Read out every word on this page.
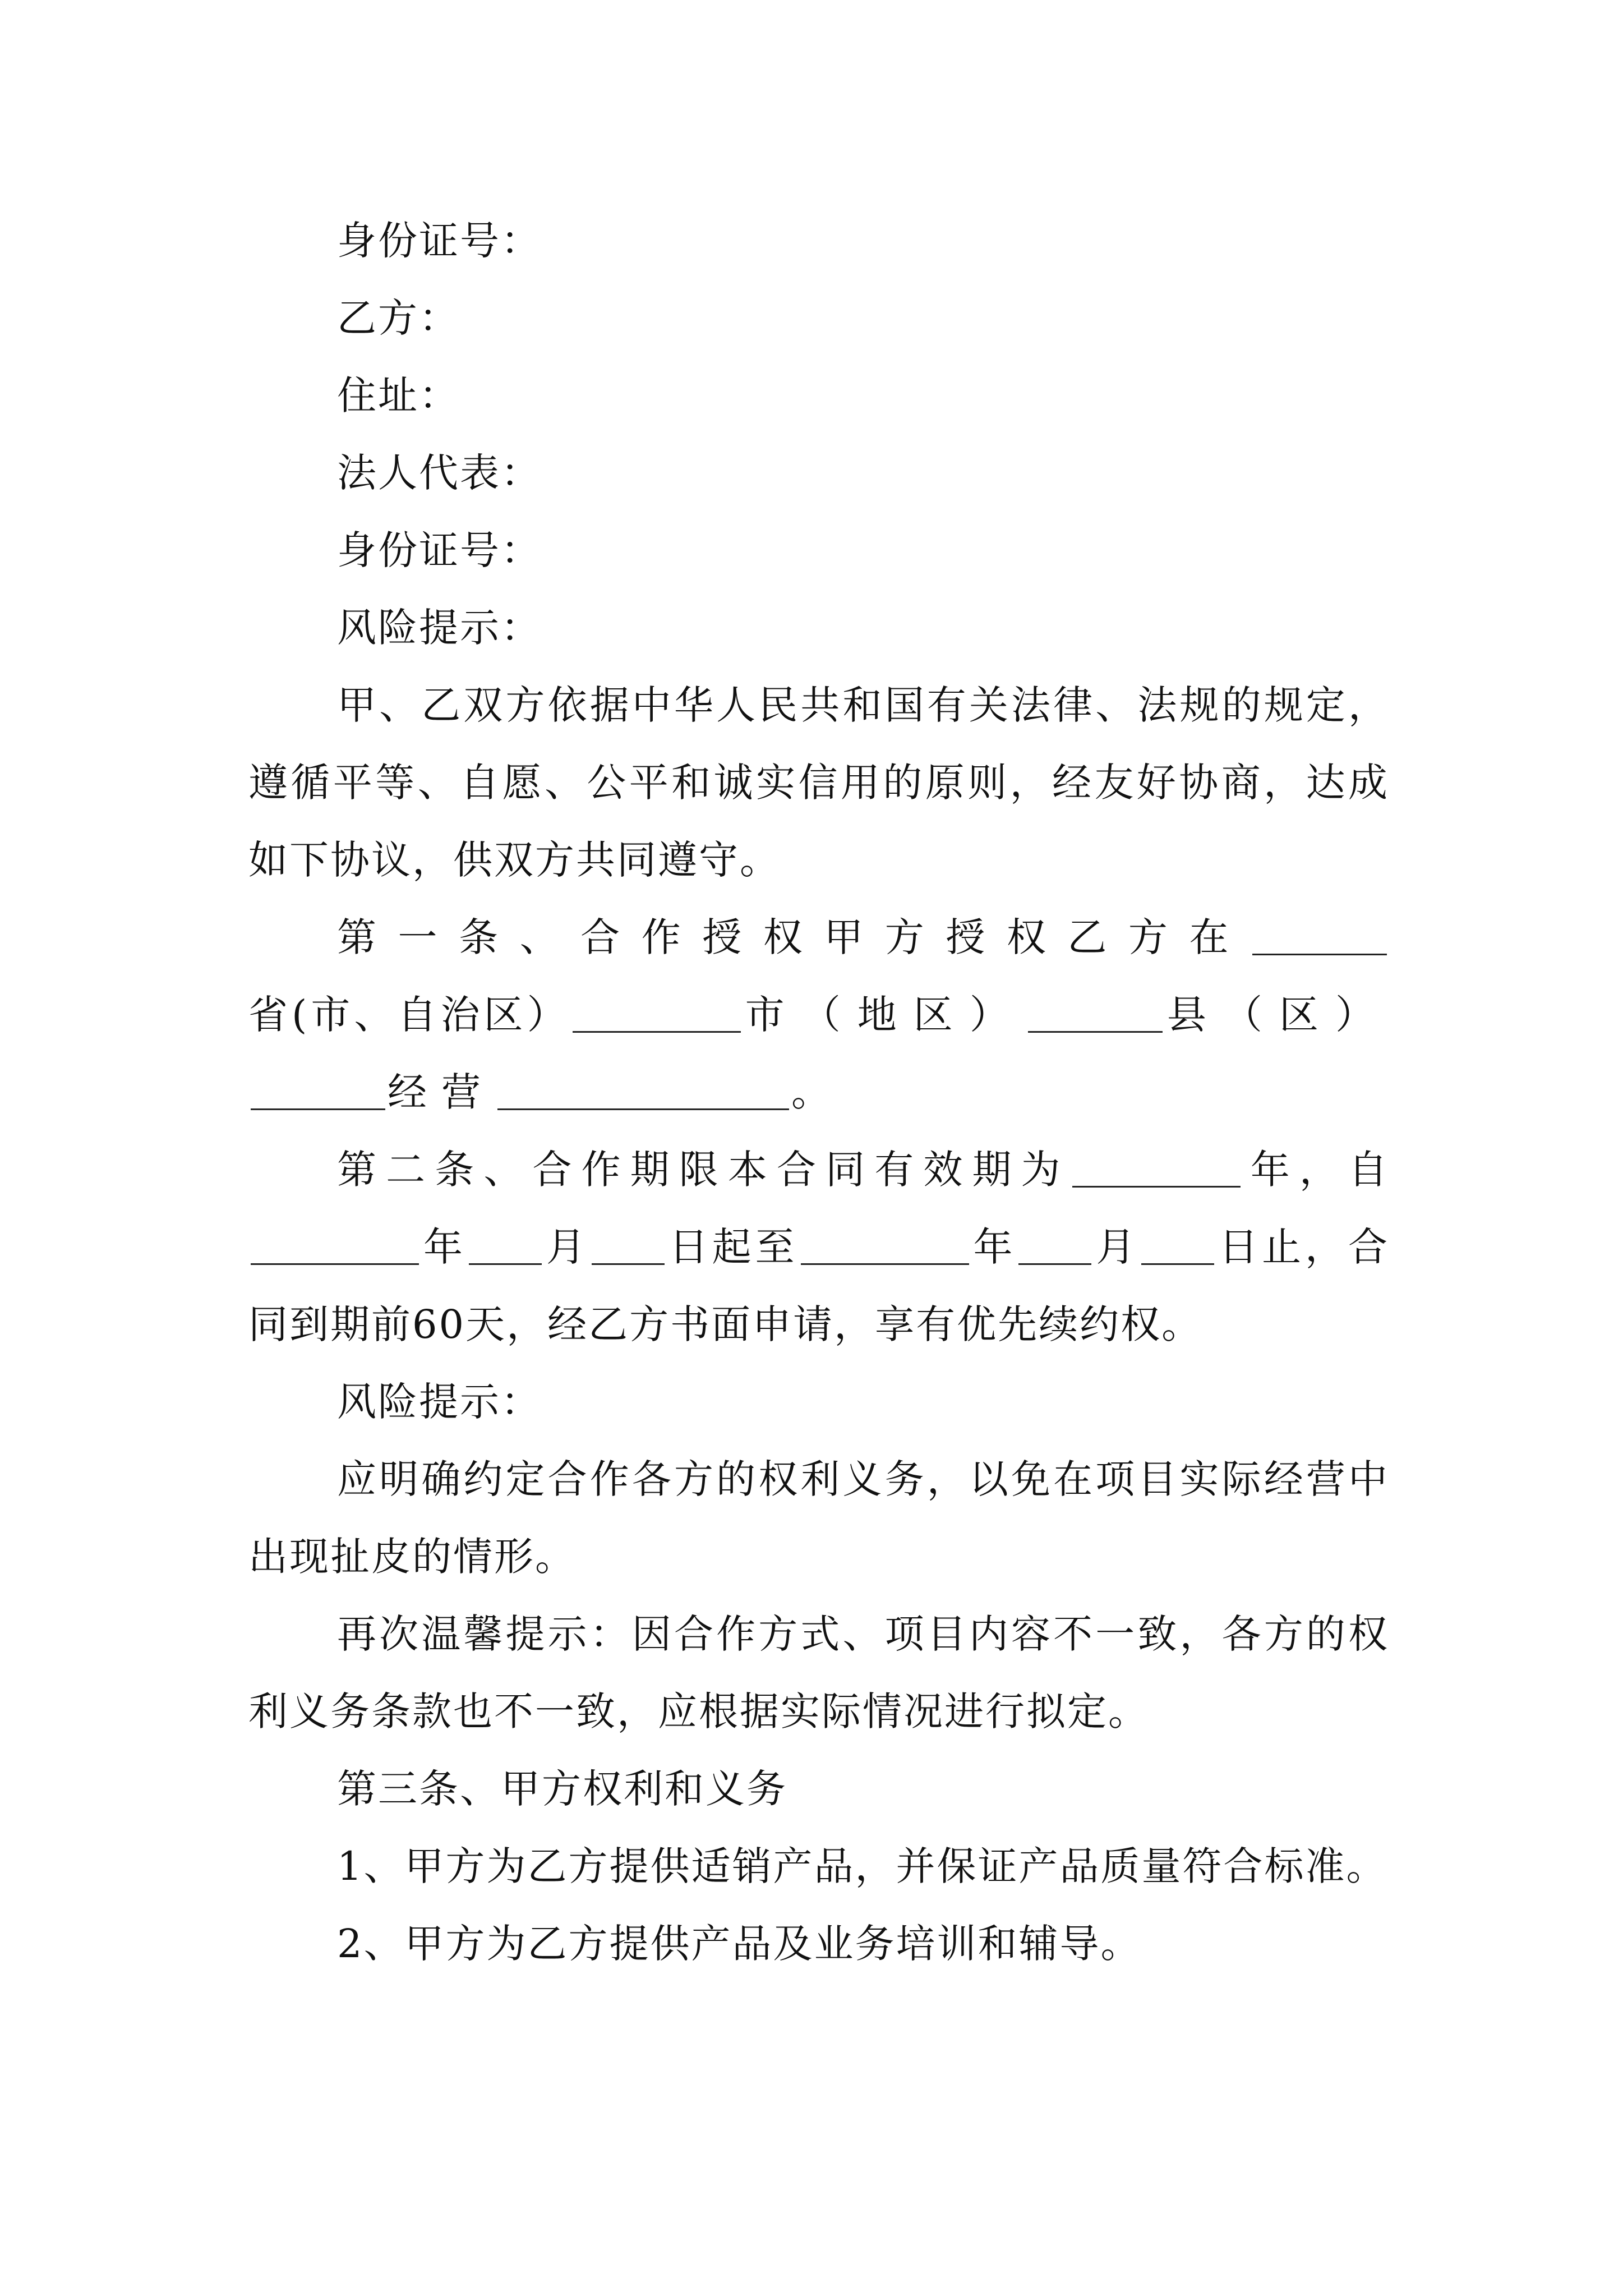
身份证号：

乙方：

住址：

法人代表：

身份证号：

风险提示：

甲、乙双方依据中华人民共和国有关法律、法规的规定，遵循平等、自愿、公平和诚实信用的原则，经友好协商，达成如下协议，供双方共同遵守。

第一条、合作授权甲方授权乙方在省(市、自治区）	市（地区）	县（区）经营	。

第二条、合作期限本合同有效期为	年，自年 月 日起至	年 月 日止，合同到期前60天，经乙方书面申请，享有优先续约权。

风险提示：

应明确约定合作各方的权利义务，以免在项目实际经营中出现扯皮的情形。

再次温馨提示：因合作方式、项目内容不一致，各方的权利义务条款也不一致，应根据实际情况进行拟定。

第三条、甲方权利和义务

1、甲方为乙方提供适销产品，并保证产品质量符合标准。

2、甲方为乙方提供产品及业务培训和辅导。
